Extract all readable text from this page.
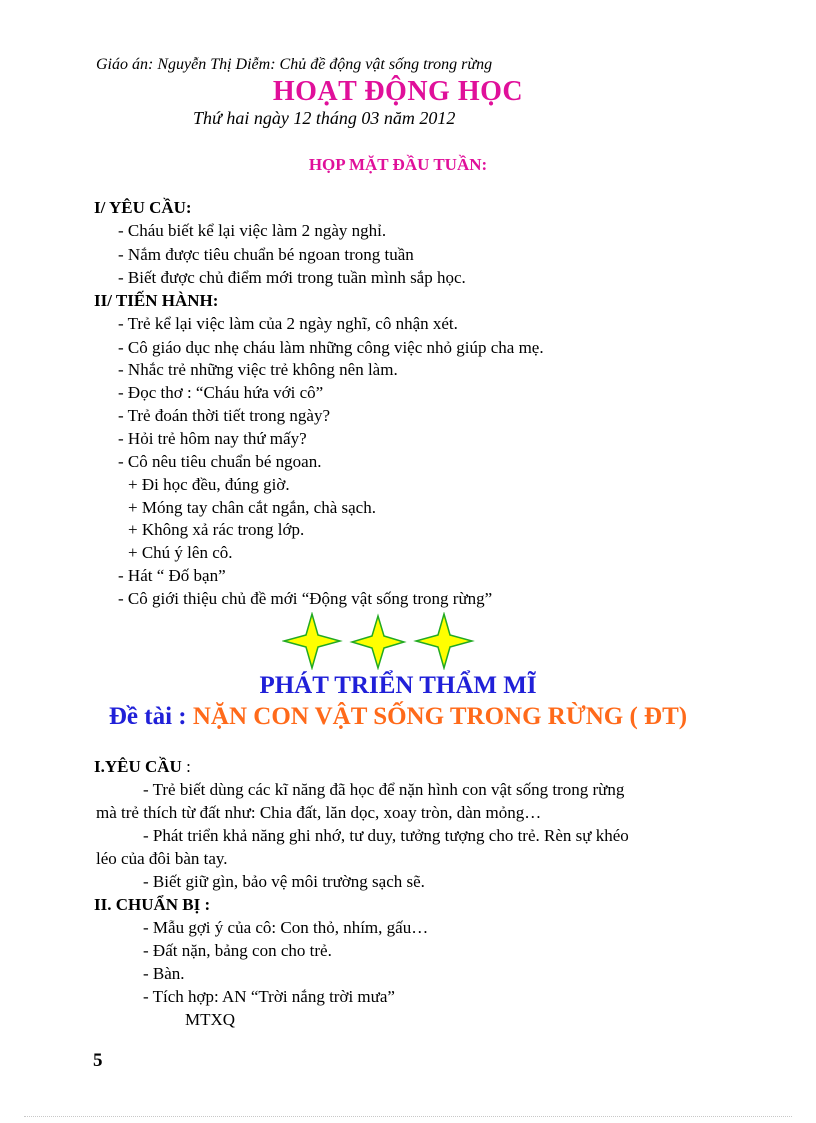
Giáo án: Nguyễn Thị Diễm: Chủ đề động vật sống trong rừng
HOẠT ĐỘNG HỌC
Thứ hai ngày 12 tháng 03 năm 2012
HỌP MẶT ĐẦU TUẦN:
I/ YÊU CẦU:
- Cháu biết kể lại việc làm 2 ngày nghỉ.
- Nắm được tiêu chuẩn bé ngoan trong tuần
- Biết được chủ điểm mới trong tuần mình sắp học.
II/ TIẾN HÀNH:
- Trẻ kể lại việc làm của 2 ngày nghĩ, cô nhận xét.
- Cô giáo dục nhẹ cháu làm những công việc nhỏ giúp cha mẹ.
- Nhắc trẻ những việc trẻ không nên làm.
- Đọc thơ : “Cháu hứa với cô”
- Trẻ đoán thời tiết trong ngày?
- Hỏi trẻ hôm nay thứ mấy?
- Cô nêu tiêu chuẩn bé ngoan.
+ Đi học đều, đúng giờ.
+ Móng tay chân cắt ngắn, chà sạch.
+ Không xả rác trong lớp.
+ Chú ý lên cô.
- Hát “ Đố bạn”
- Cô giới thiệu chủ đề mới “Động vật sống trong rừng”
PHÁT TRIỂN THẨM MĨ
Đề tài : NẶN CON VẬT SỐNG TRONG RỪNG ( ĐT)
I.YÊU CẦU :
- Trẻ biết dùng các kĩ năng đã học để nặn hình con vật sống trong rừng
mà trẻ thích từ đất như: Chia đất, lăn dọc, xoay tròn, dàn mỏng…
- Phát triển khả năng ghi nhớ, tư duy, tưởng tượng cho trẻ. Rèn sự khéo
léo của đôi bàn tay.
- Biết giữ gìn, bảo vệ môi trường sạch sẽ.
II. CHUẨN BỊ :
- Mẫu gợi ý của cô: Con thỏ, nhím, gấu…
- Đất nặn, bảng con cho trẻ.
- Bàn.
- Tích hợp: AN “Trời nắng trời mưa”
MTXQ
5
